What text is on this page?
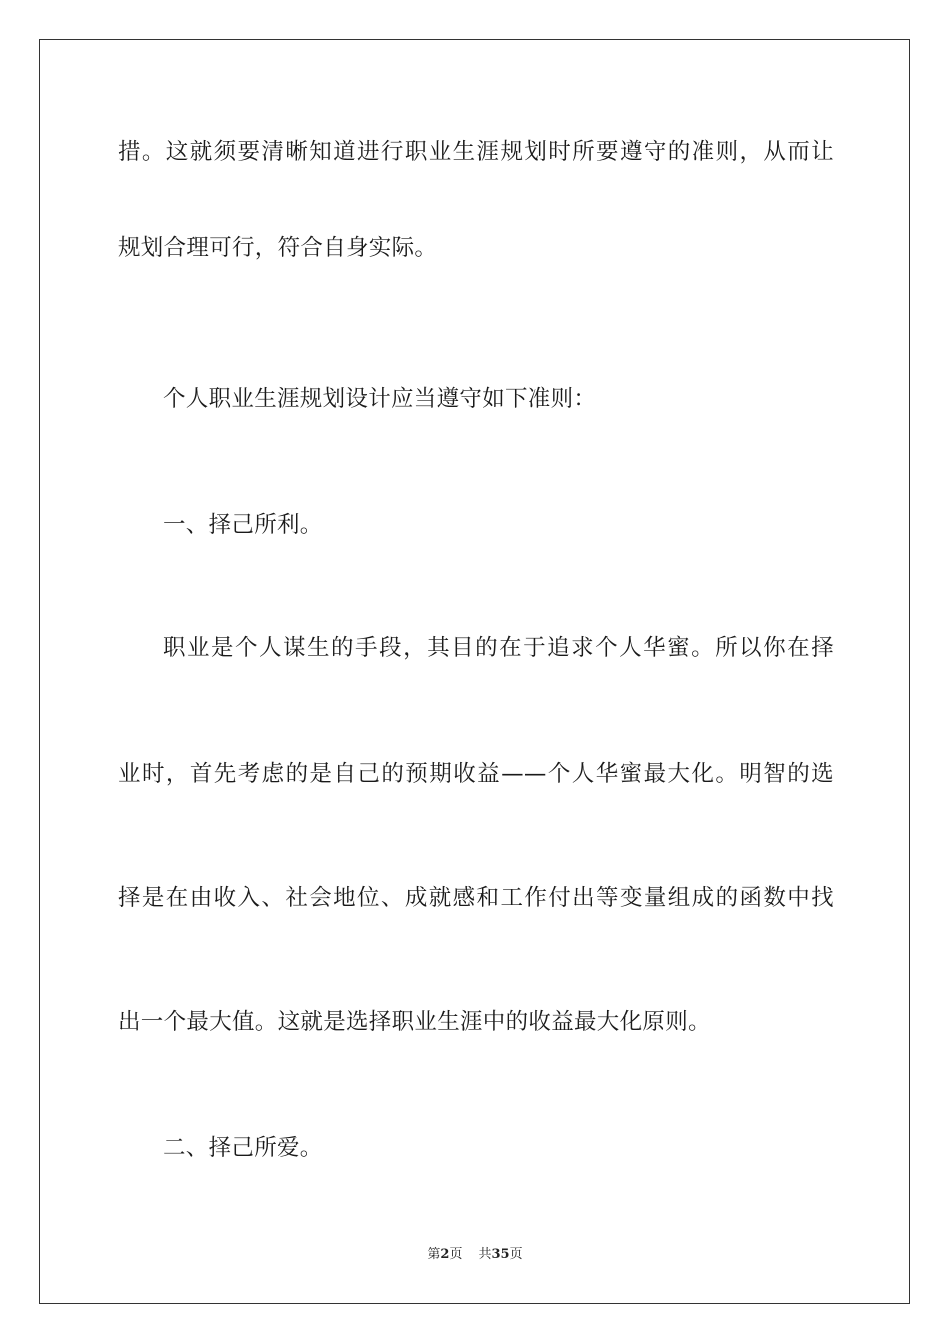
措。这就须要清晰知道进行职业生涯规划时所要遵守的准则，从而让
规划合理可行，符合自身实际。
个人职业生涯规划设计应当遵守如下准则：
一、择己所利。
职业是个人谋生的手段，其目的在于追求个人华蜜。所以你在择
业时，首先考虑的是自己的预期收益——个人华蜜最大化。明智的选
择是在由收入、社会地位、成就感和工作付出等变量组成的函数中找
出一个最大值。这就是选择职业生涯中的收益最大化原则。
二、择己所爱。
第2页 共35页
